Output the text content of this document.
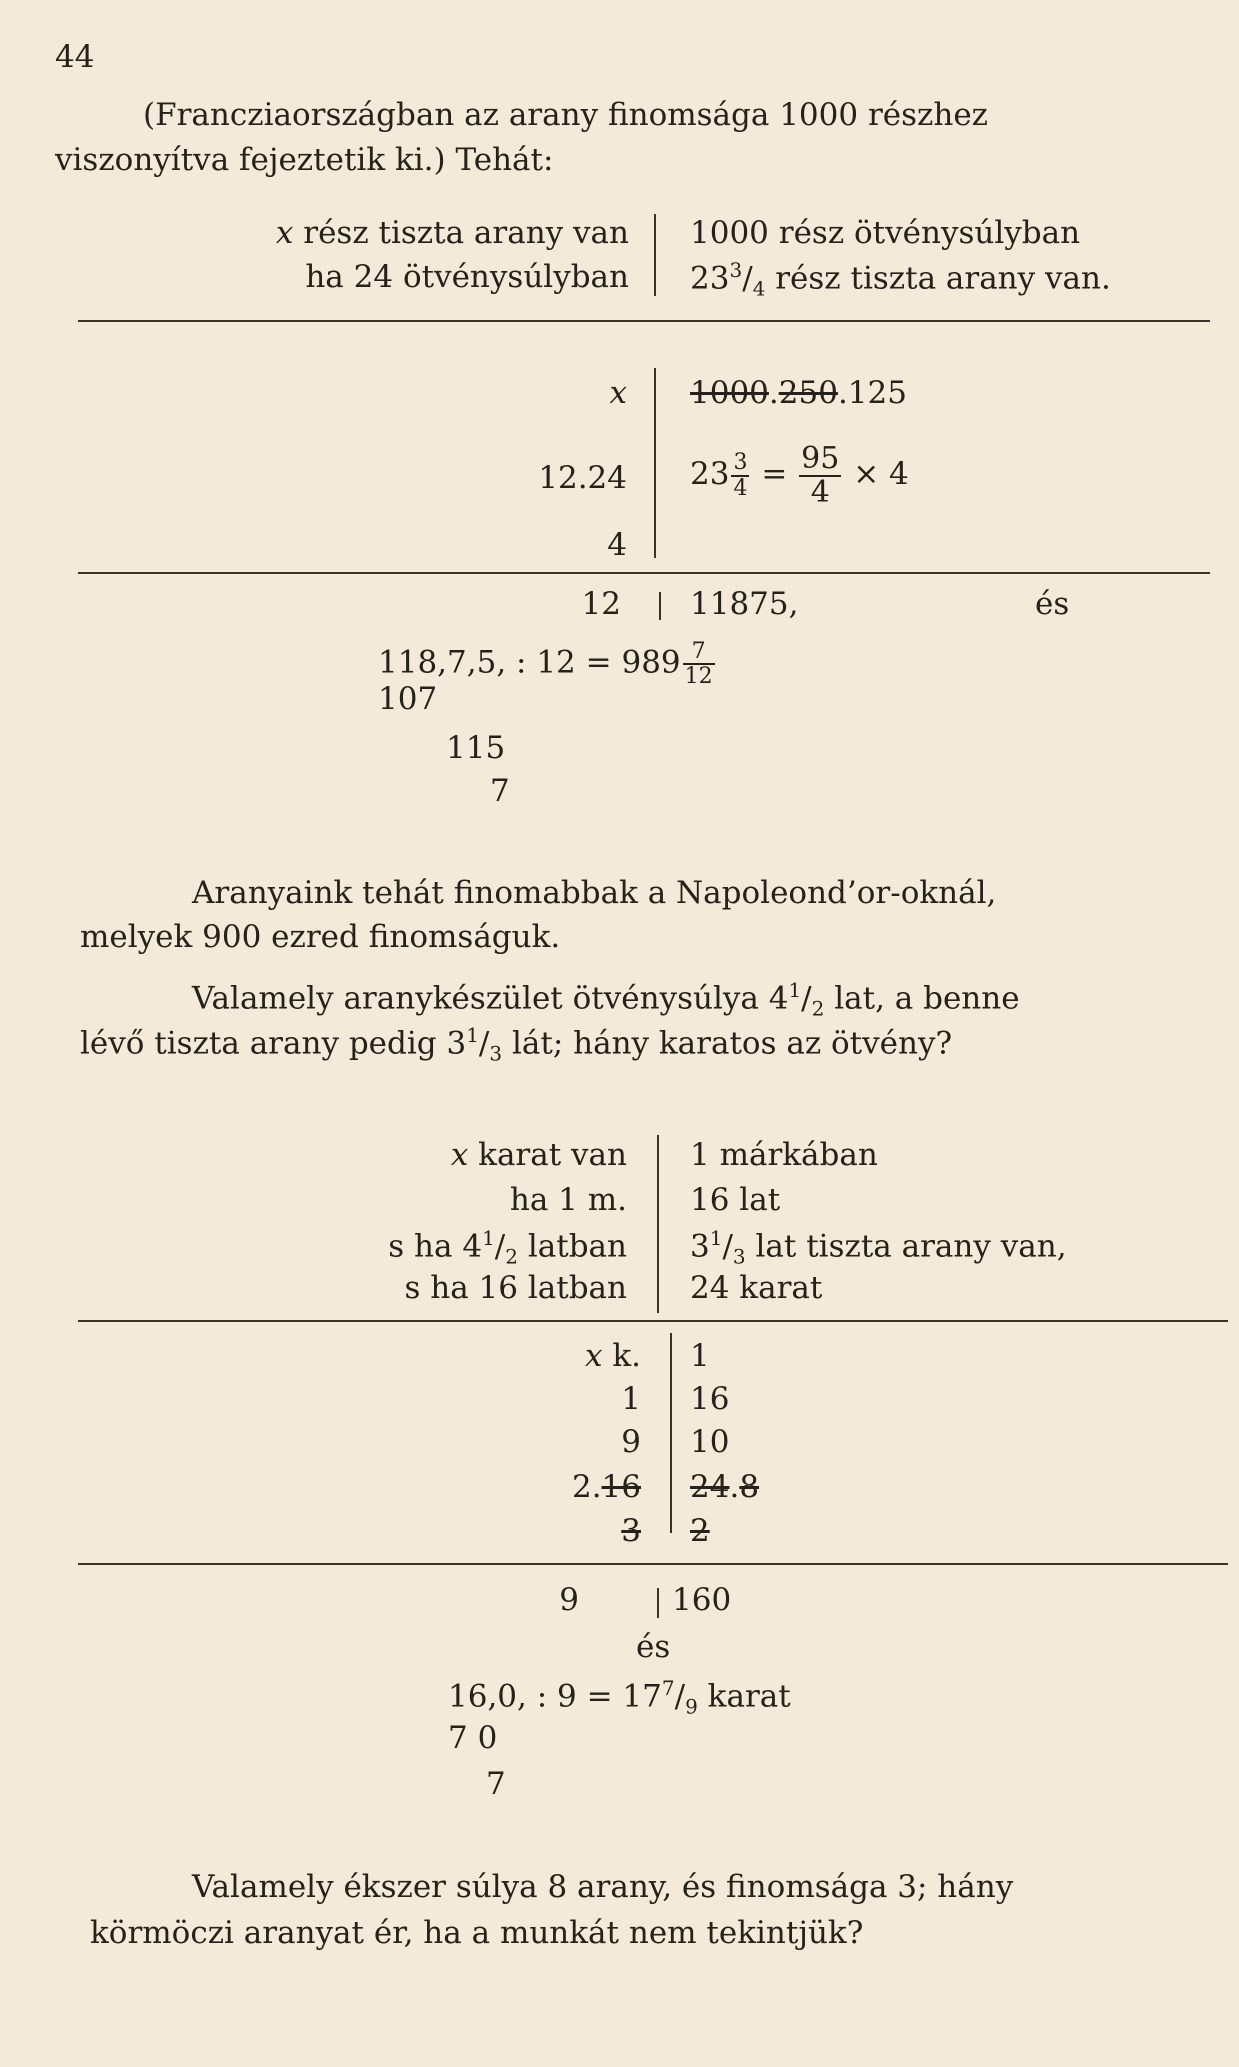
44
(Francziaországban az arany finomsága 1000 részhez
viszonyítva fejeztetik ki.) Tehát:
x rész tiszta arany van
ha 24 ötvénysúlyban
1000 rész ötvénysúlyban
$23^3/_4$ rész tiszta arany van.
x 1000.250.125
12.24 $23 \frac{3}{4} = \frac{95}{4} \times 4$
4
12 11875,	és
118,7,5, : $12 = 989 \frac{7}{12}$
107
115
7
Aranyaink tehát finomabbak a Napoleond’or-oknál,
melyek 900 ezred finomságuk.
Valamely aranykészület ötvénysúlya $4^1/_2$ lat, a benne
lévő tiszta arany pedig $3^1/_3$ lát; hány karatos az ötvény?
x karat van
ha 1 m.
s ha $4^1/_2$ latban
s ha 16 latban
1 márkában
16 lat
$3^1/_3$ lat tiszta arany van,
24 karat
x k.
1
9
2.16
3
1
16
10
24.8
2
9	160
és
16,0, : $9 = 17^7/_9$ karat
7 0
7
Valamely ékszer súlya 8 arany, és finomsága 3; hány
körmöczi aranyat ér, ha a munkát nem tekintjük?
